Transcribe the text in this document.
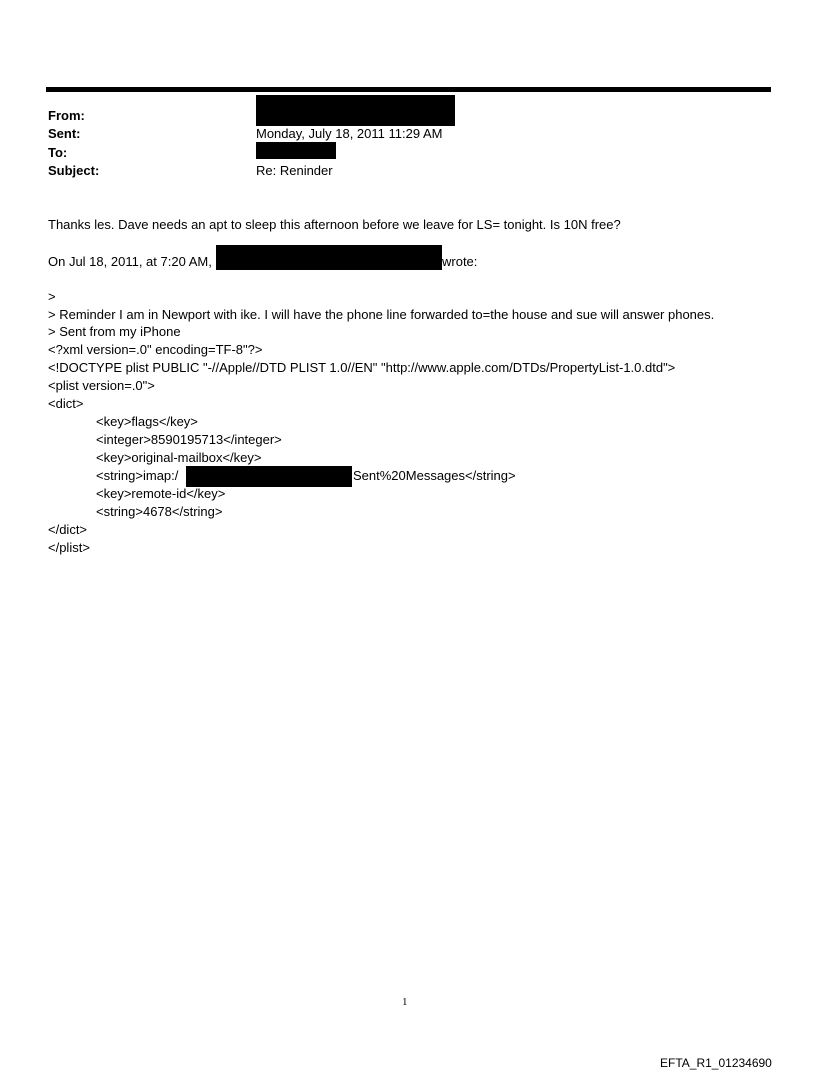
From:
Sent:	Monday, July 18, 2011 11:29 AM
To:
Subject:	Re: Reninder
Thanks les. Dave needs an apt to sleep this afternoon before we leave for LS= tonight. Is 10N free?
On Jul 18, 2011, at 7:20 AM,	wrote:
>
> Reminder I am in Newport with ike. I will have the phone line forwarded to=the house and sue will answer phones.
> Sent from my iPhone
<?xml version=.0" encoding=TF-8"?>
<!DOCTYPE plist PUBLIC "-//Apple//DTD PLIST 1.0//EN" "http://www.apple.com/DTDs/PropertyList-1.0.dtd">
<plist version=.0">
<dict>
<key>flags</key>
<integer>8590195713</integer>
<key>original-mailbox</key>
<string>imap:/	Sent%20Messages</string>
<key>remote-id</key>
<string>4678</string>
</dict>
</plist>
1
EFTA_R1_01234690
